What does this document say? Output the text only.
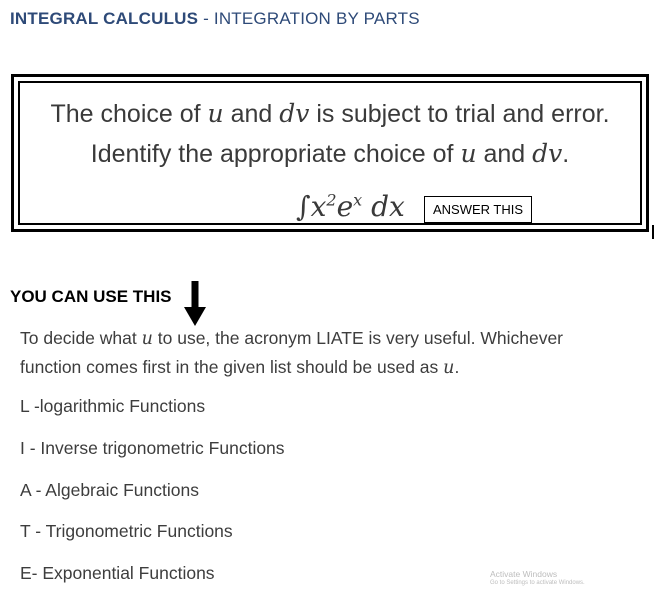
INTEGRAL CALCULUS - INTEGRATION BY PARTS
The choice of u and dv is subject to trial and error.
Identify the appropriate choice of u and dv.
$\int x^2e^x$ dx	ANSWER THIS
YOU CAN USE THIS
To decide what u to use, the acronym LIATE is very useful. Whichever
function comes first in the given list should be used as u.
L -logarithmic Functions
I - Inverse trigonometric Functions
A - Algebraic Functions
T - Trigonometric Functions
E- Exponential Functions	Activate Windows
Go to Settings to activate Windows.
